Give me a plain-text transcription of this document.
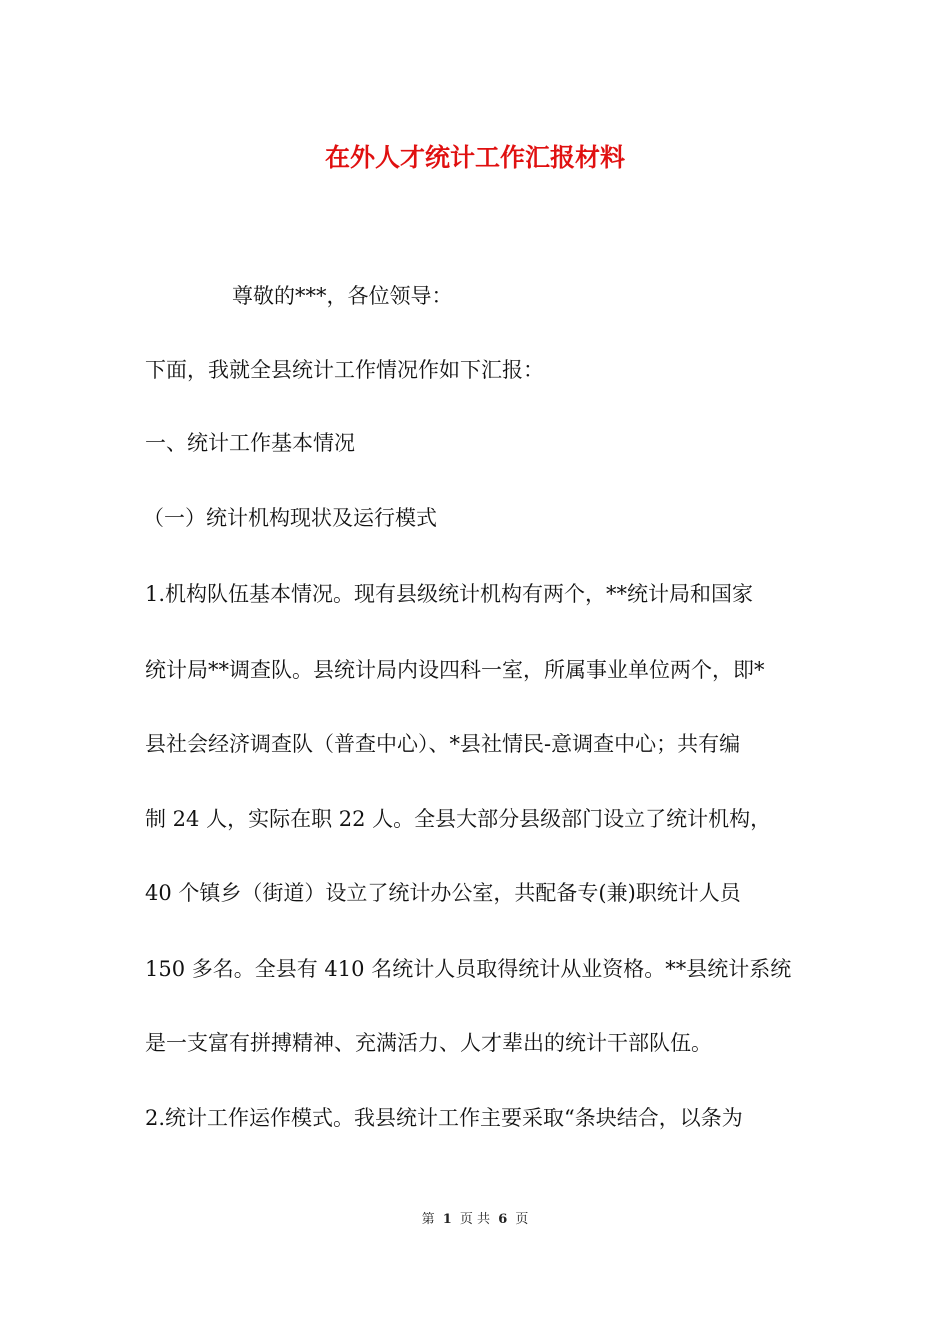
在外人才统计工作汇报材料

尊敬的***，各位领导：

下面，我就全县统计工作情况作如下汇报：

一、统计工作基本情况

（一）统计机构现状及运行模式

1.机构队伍基本情况。现有县级统计机构有两个，**统计局和国家

统计局**调查队。县统计局内设四科一室，所属事业单位两个，即*

县社会经济调查队（普查中心）、*县社情民-意调查中心；共有编

制 24 人，实际在职 22 人。全县大部分县级部门设立了统计机构，

40 个镇乡（街道）设立了统计办公室，共配备专(兼)职统计人员

150 多名。全县有 410 名统计人员取得统计从业资格。**县统计系统

是一支富有拼搏精神、充满活力、人才辈出的统计干部队伍。

2.统计工作运作模式。我县统计工作主要采取“条块结合，以条为

第 1 页 共 6 页
